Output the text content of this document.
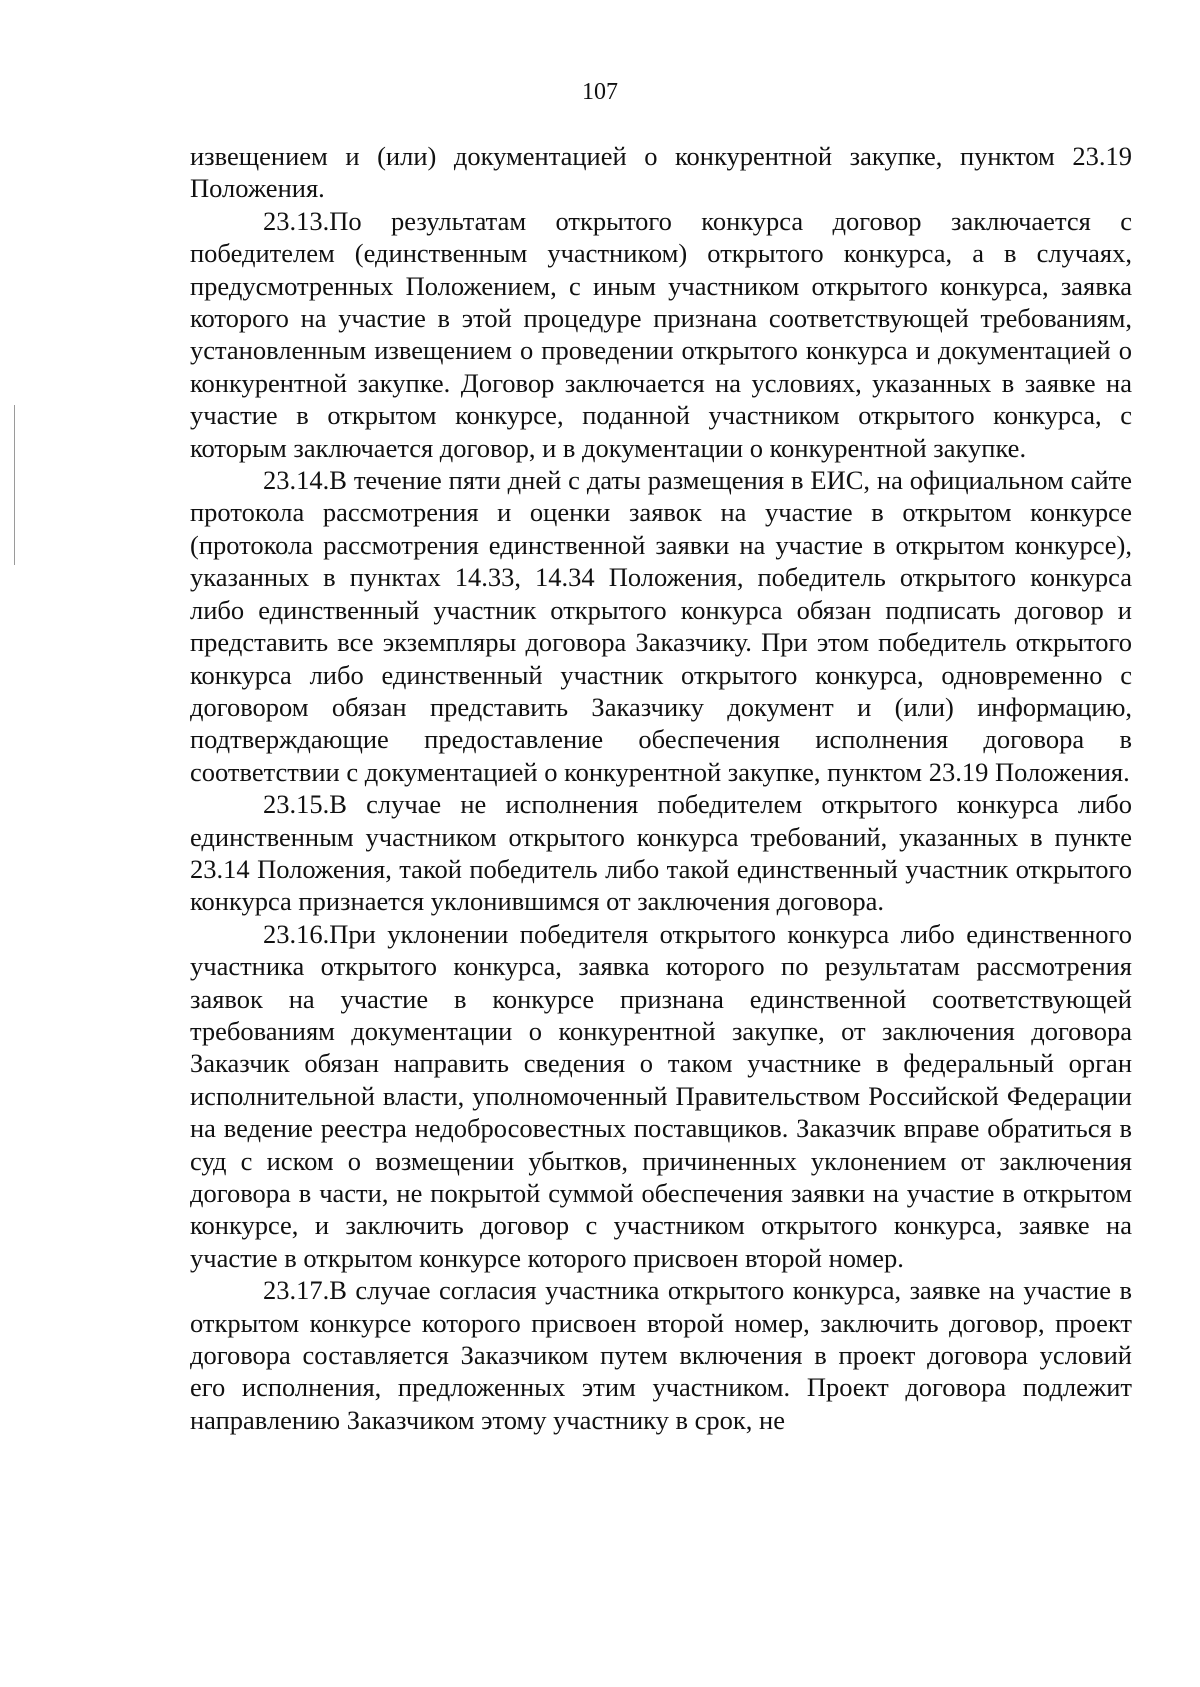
107

извещением и (или) документацией о конкурентной закупке, пунктом 23.19 Положения.

23.13.По результатам открытого конкурса договор заключается с победителем (единственным участником) открытого конкурса, а в случаях, предусмотренных Положением, с иным участником открытого конкурса, заявка которого на участие в этой процедуре признана соответствующей требованиям, установленным извещением о проведении открытого конкурса и документацией о конкурентной закупке. Договор заключается на условиях, указанных в заявке на участие в открытом конкурсе, поданной участником открытого конкурса, с которым заключается договор, и в документации о конкурентной закупке.

23.14.В течение пяти дней с даты размещения в ЕИС, на официальном сайте протокола рассмотрения и оценки заявок на участие в открытом конкурсе (протокола рассмотрения единственной заявки на участие в открытом конкурсе), указанных в пунктах 14.33, 14.34 Положения, победитель открытого конкурса либо единственный участник открытого конкурса обязан подписать договор и представить все экземпляры договора Заказчику. При этом победитель открытого конкурса либо единственный участник открытого конкурса, одновременно с договором обязан представить Заказчику документ и (или) информацию, подтверждающие предоставление обеспечения исполнения договора в соответствии с документацией о конкурентной закупке, пунктом 23.19 Положения.

23.15.В случае не исполнения победителем открытого конкурса либо единственным участником открытого конкурса требований, указанных в пункте 23.14 Положения, такой победитель либо такой единственный участник открытого конкурса признается уклонившимся от заключения договора.

23.16.При уклонении победителя открытого конкурса либо единственного участника открытого конкурса, заявка которого по результатам рассмотрения заявок на участие в конкурсе признана единственной соответствующей требованиям документации о конкурентной закупке, от заключения договора Заказчик обязан направить сведения о таком участнике в федеральный орган исполнительной власти, уполномоченный Правительством Российской Федерации на ведение реестра недобросовестных поставщиков. Заказчик вправе обратиться в суд с иском о возмещении убытков, причиненных уклонением от заключения договора в части, не покрытой суммой обеспечения заявки на участие в открытом конкурсе, и заключить договор с участником открытого конкурса, заявке на участие в открытом конкурсе которого присвоен второй номер.

23.17.В случае согласия участника открытого конкурса, заявке на участие в открытом конкурсе которого присвоен второй номер, заключить договор, проект договора составляется Заказчиком путем включения в проект договора условий его исполнения, предложенных этим участником. Проект договора подлежит направлению Заказчиком этому участнику в срок, не
